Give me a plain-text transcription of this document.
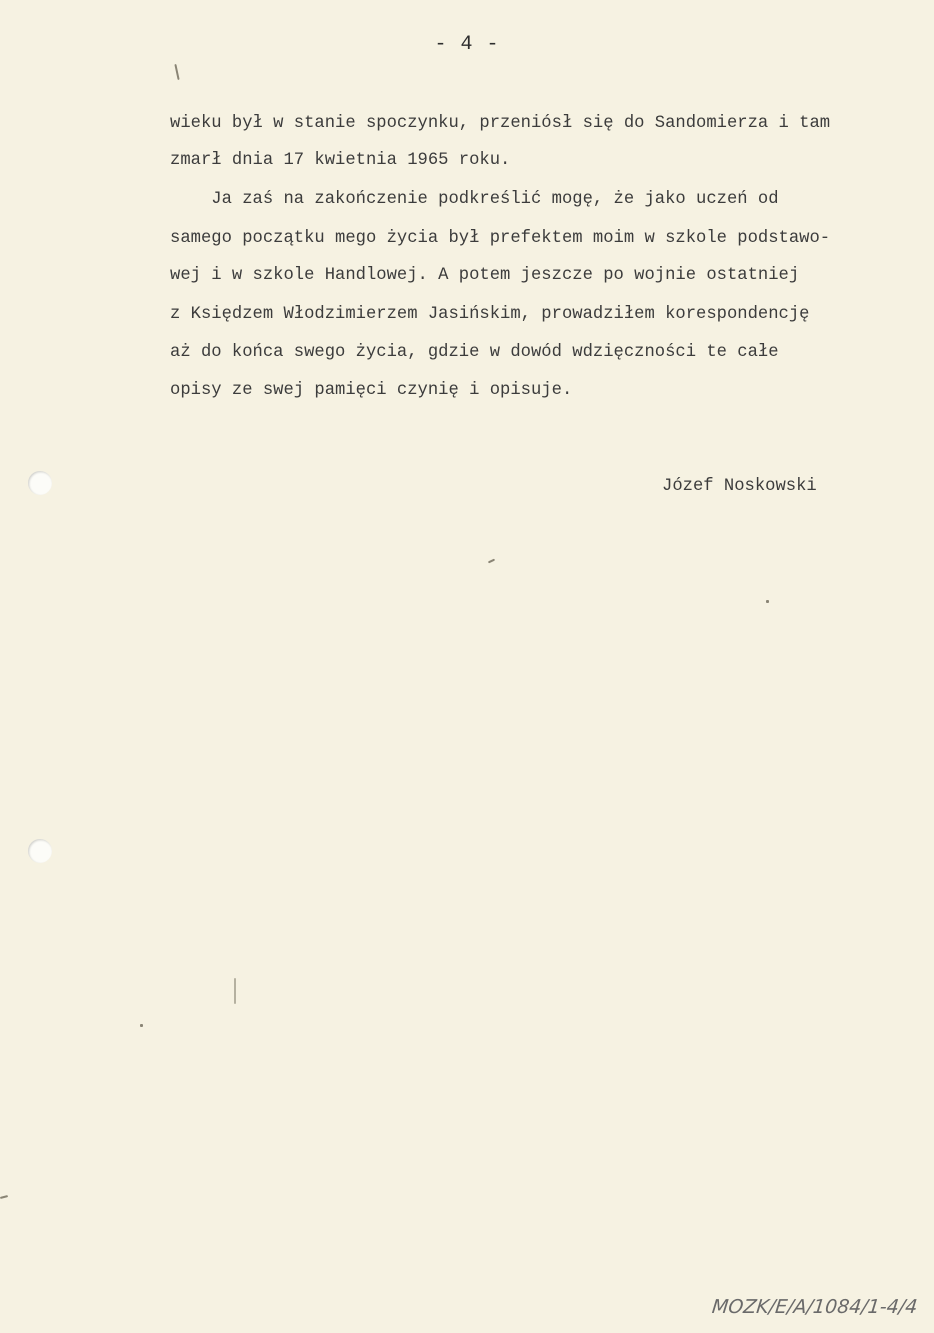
- 4 -
wieku był w stanie spoczynku, przeniósł się do Sandomierza i tam
zmarł dnia 17 kwietnia 1965 roku.
Ja zaś na zakończenie podkreślić mogę, że jako uczeń od
samego początku mego życia był prefektem moim w szkole podstawo-
wej i w szkole Handlowej. A potem jeszcze po wojnie ostatniej
z Księdzem Włodzimierzem Jasińskim, prowadziłem korespondencję
aż do końca swego życia, gdzie w dowód wdzięczności te całe
opisy ze swej pamięci czynię i opisuje.
Józef Noskowski
MOZK/E/A/1084/1-4/4
